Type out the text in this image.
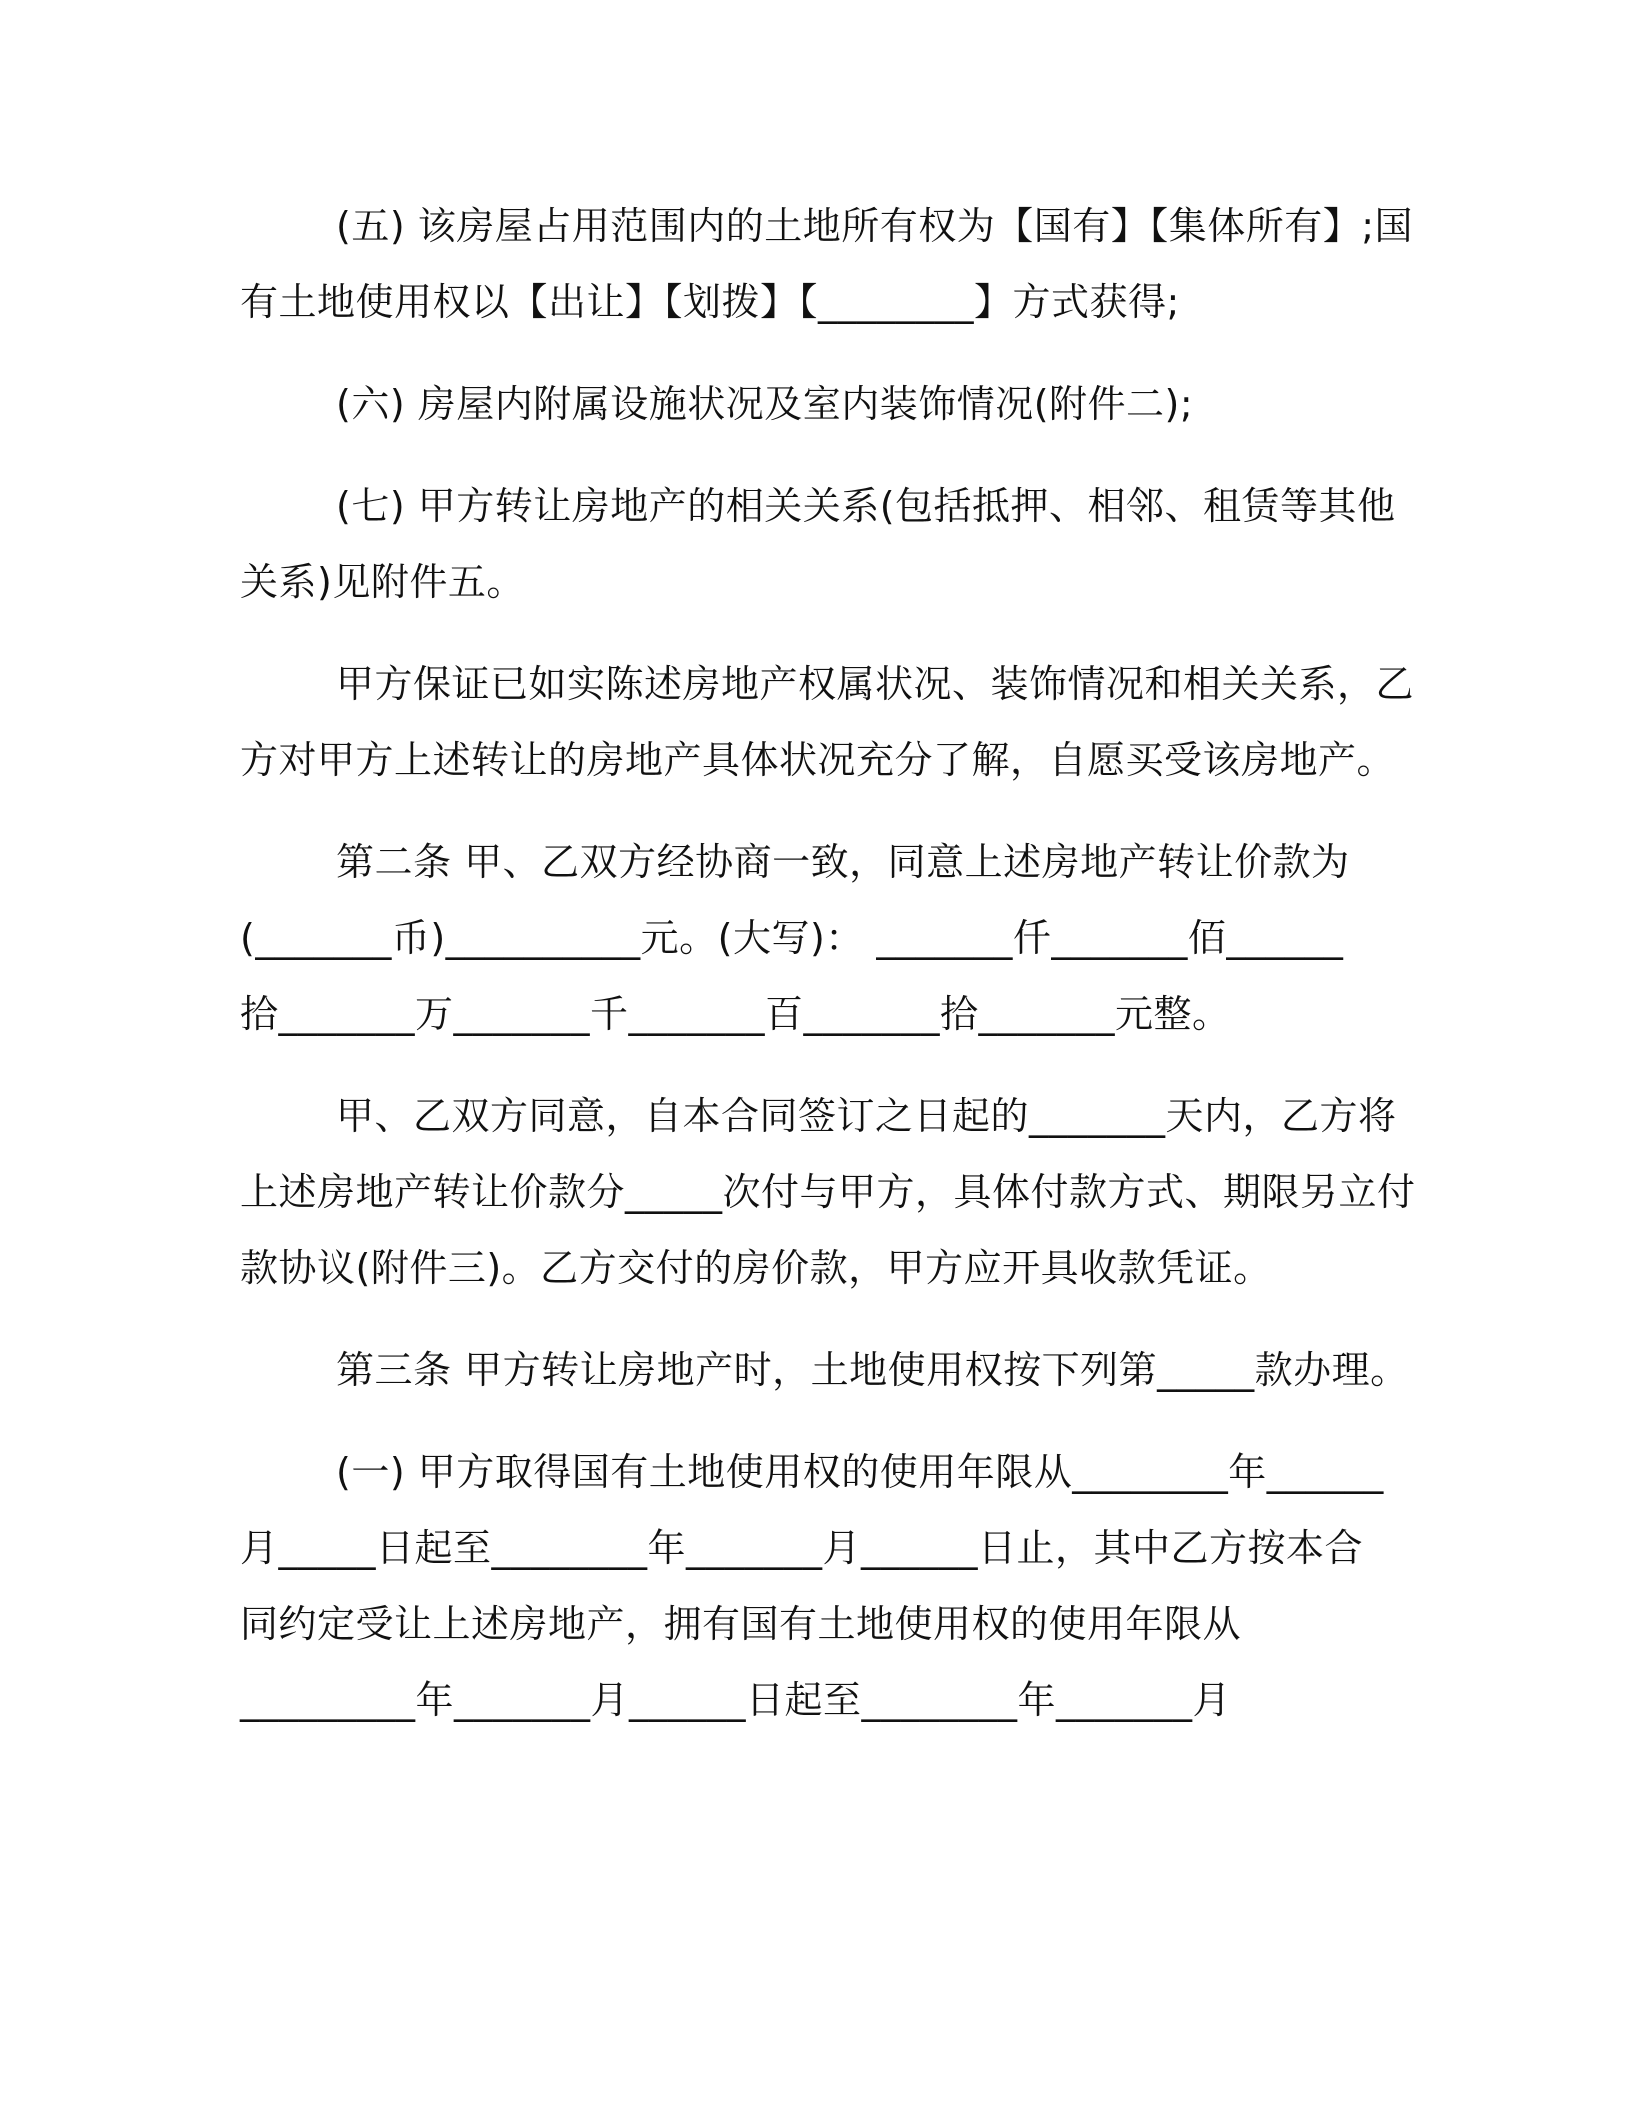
(五) 该房屋占用范围内的土地所有权为【国有】【集体所有】;国
有土地使用权以【出让】【划拨】【________】方式获得;

(六) 房屋内附属设施状况及室内装饰情况(附件二);

(七) 甲方转让房地产的相关关系(包括抵押、相邻、租赁等其他
关系)见附件五。

甲方保证已如实陈述房地产权属状况、装饰情况和相关关系，乙
方对甲方上述转让的房地产具体状况充分了解，自愿买受该房地产。

第二条 甲、乙双方经协商一致，同意上述房地产转让价款为
(_______币)__________元。(大写)： _______仟_______佰______
拾_______万_______千_______百_______拾_______元整。

甲、乙双方同意，自本合同签订之日起的_______天内，乙方将
上述房地产转让价款分_____次付与甲方，具体付款方式、期限另立付
款协议(附件三)。乙方交付的房价款，甲方应开具收款凭证。

第三条 甲方转让房地产时，土地使用权按下列第_____款办理。

(一) 甲方取得国有土地使用权的使用年限从________年______
月_____日起至________年_______月______日止，其中乙方按本合
同约定受让上述房地产，拥有国有土地使用权的使用年限从
_________年_______月______日起至________年_______月
